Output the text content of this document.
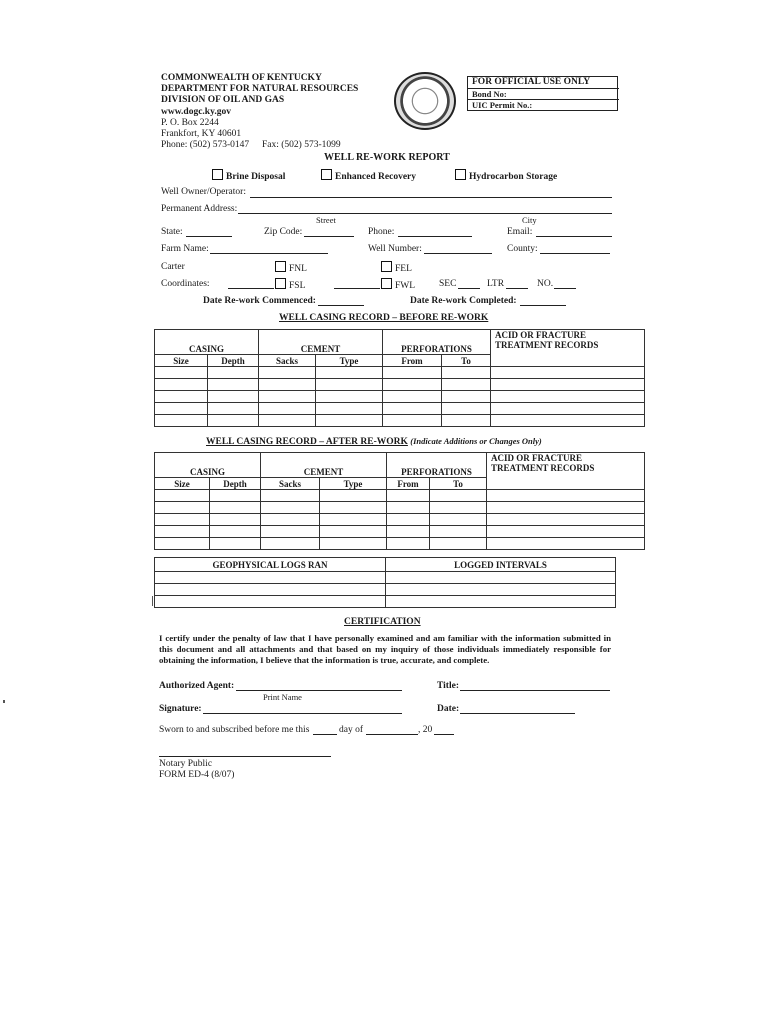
COMMONWEALTH OF KENTUCKY
DEPARTMENT FOR NATURAL RESOURCES
DIVISION OF OIL AND GAS
www.dogc.ky.gov
P. O. Box 2244
Frankfort, KY 40601
Phone: (502) 573-0147 Fax: (502) 573-1099
FOR OFFICIAL USE ONLY
Bond No:
UIC Permit No.:
WELL RE-WORK REPORT
Brine Disposal	Enhanced Recovery	Hydrocarbon Storage
Well Owner/Operator:
Permanent Address:
Street	City
State:	Zip Code:	Phone:	Email:
Farm Name:	Well Number:	County:
Carter	FNL	FEL
Coordinates:	FSL	FWL	SEC	LTR	NO.
Date Re-work Commenced:	Date Re-work Completed:
WELL CASING RECORD – BEFORE RE-WORK
CASING		CEMENT		PERFORATIONS		ACID OR FRACTURE
TREATMENT RECORDS

Size	Depth	Sacks	Type	From	To	

WELL CASING RECORD – AFTER RE-WORK (Indicate Additions or Changes Only)
CASING		CEMENT		PERFORATIONS		ACID OR FRACTURE
TREATMENT RECORDS

Size	Depth	Sacks	Type	From	To	

GEOPHYSICAL LOGS RAN	LOGGED INTERVALS

CERTIFICATION
I certify under the penalty of law that I have personally examined and am familiar with the information submitted in this document and all attachments and that based on my inquiry of those individuals immediately responsible for obtaining the information, I believe that the information is true, accurate, and complete.
Authorized Agent:
Print Name
Title:
Signature:	Date:
Sworn to and subscribed before me this	day of	, 20
Notary Public
FORM ED-4 (8/07)
